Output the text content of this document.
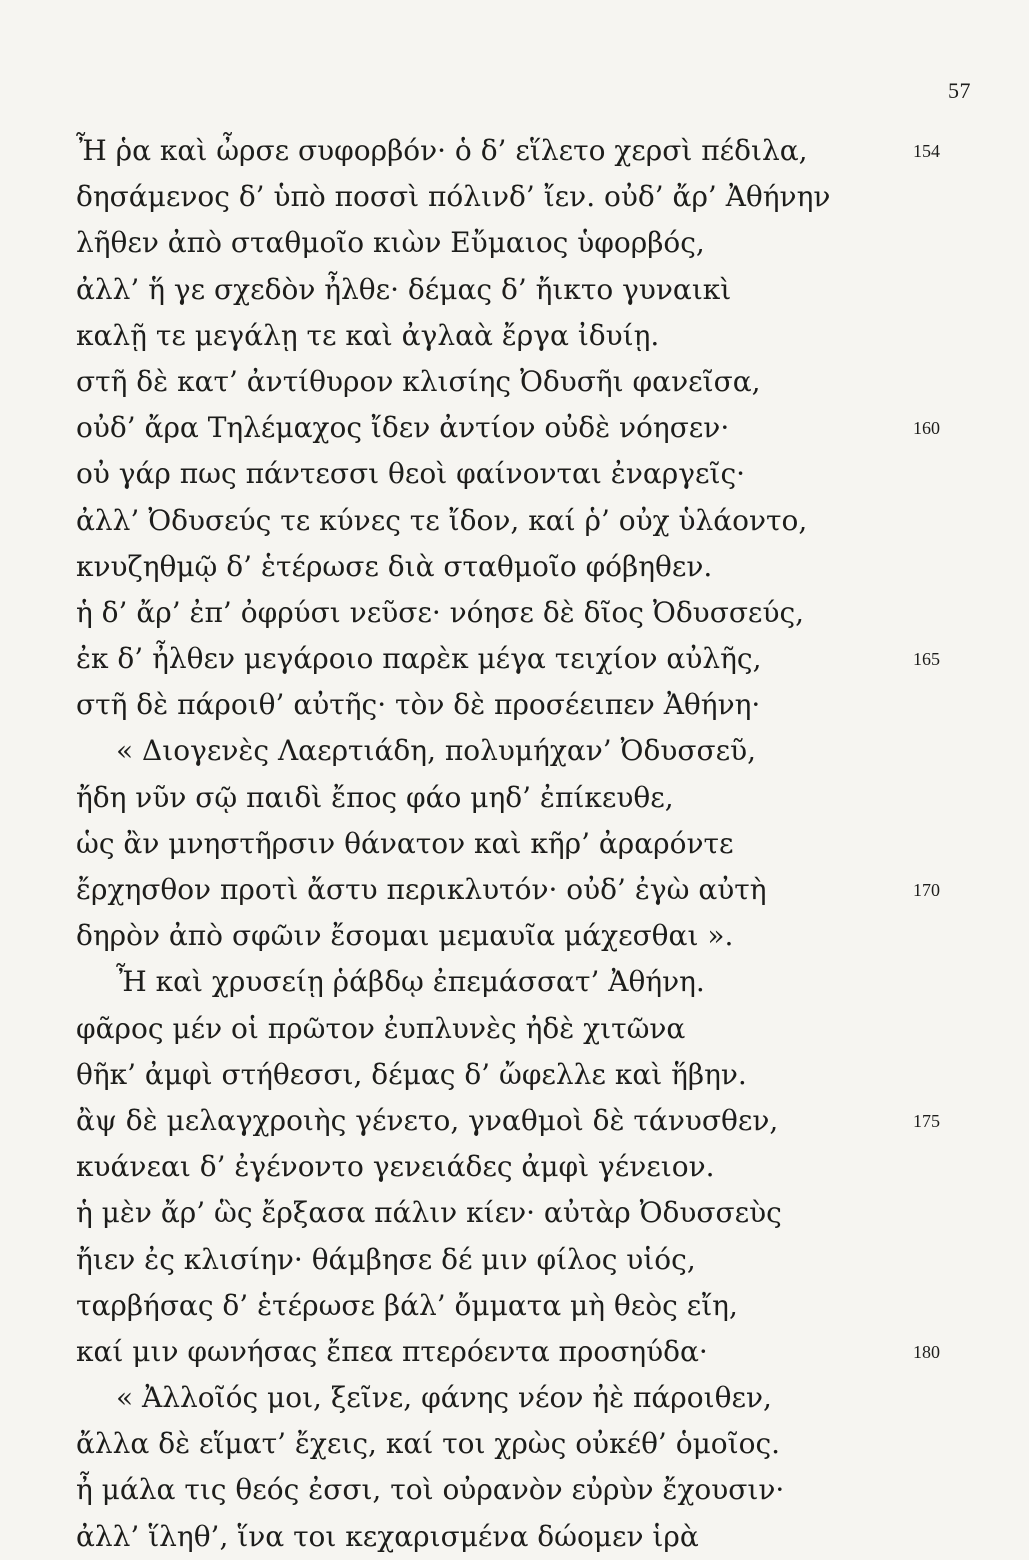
57
Ἦ ῥα καὶ ὦρσε συφορβόν· ὁ δ’ εἵλετο χερσὶ πέδιλα,	154
δησάμενος δ’ ὑπὸ ποσσὶ πόλινδ’ ἴεν. οὐδ’ ἄρ’ Ἀθήνην
λῆθεν ἀπὸ σταθμοῖο κιὼν Εὔμαιος ὑφορβός,
ἀλλ’ ἥ γε σχεδὸν ἦλθε· δέμας δ’ ἤικτο γυναικὶ
καλῇ τε μεγάλῃ τε καὶ ἀγλαὰ ἔργα ἰδυίῃ.
στῆ δὲ κατ’ ἀντίθυρον κλισίης Ὀδυσῆι φανεῖσα,
οὐδ’ ἄρα Τηλέμαχος ἴδεν ἀντίον οὐδὲ νόησεν·	160
οὐ γάρ πως πάντεσσι θεοὶ φαίνονται ἐναργεῖς·
ἀλλ’ Ὀδυσεύς τε κύνες τε ἴδον, καί ῥ’ οὐχ ὑλάοντο,
κνυζηθμῷ δ’ ἑτέρωσε διὰ σταθμοῖο φόβηθεν.
ἡ δ’ ἄρ’ ἐπ’ ὀφρύσι νεῦσε· νόησε δὲ δῖος Ὀδυσσεύς,
ἐκ δ’ ἦλθεν μεγάροιο παρὲκ μέγα τειχίον αὐλῆς,	165
στῆ δὲ πάροιθ’ αὐτῆς· τὸν δὲ προσέειπεν Ἀθήνη·
« Διογενὲς Λαερτιάδη, πολυμήχαν’ Ὀδυσσεῦ,
ἤδη νῦν σῷ παιδὶ ἔπος φάο μηδ’ ἐπίκευθε,
ὡς ἂν μνηστῆρσιν θάνατον καὶ κῆρ’ ἀραρόντε
ἔρχησθον προτὶ ἄστυ περικλυτόν· οὐδ’ ἐγὼ αὐτὴ	170
δηρὸν ἀπὸ σφῶιν ἔσομαι μεμαυῖα μάχεσθαι ».
Ἦ καὶ χρυσείῃ ῥάβδῳ ἐπεμάσσατ’ Ἀθήνη.
φᾶρος μέν οἱ πρῶτον ἐυπλυνὲς ἠδὲ χιτῶνα
θῆκ’ ἀμφὶ στήθεσσι, δέμας δ’ ὤφελλε καὶ ἥβην.
ἂψ δὲ μελαγχροιὴς γένετο, γναθμοὶ δὲ τάνυσθεν,	175
κυάνεαι δ’ ἐγένοντο γενειάδες ἀμφὶ γένειον.
ἡ μὲν ἄρ’ ὣς ἔρξασα πάλιν κίεν· αὐτὰρ Ὀδυσσεὺς
ἤιεν ἐς κλισίην· θάμβησε δέ μιν φίλος υἱός,
ταρβήσας δ’ ἑτέρωσε βάλ’ ὄμματα μὴ θεὸς εἴη,
καί μιν φωνήσας ἔπεα πτερόεντα προσηύδα·	180
« Ἀλλοῖός μοι, ξεῖνε, φάνης νέον ἠὲ πάροιθεν,
ἄλλα δὲ εἵματ’ ἔχεις, καί τοι χρὼς οὐκέθ’ ὁμοῖος.
ἦ μάλα τις θεός ἐσσι, τοὶ οὐρανὸν εὐρὺν ἔχουσιν·
ἀλλ’ ἵληθ’, ἵνα τοι κεχαρισμένα δώομεν ἱρὰ
